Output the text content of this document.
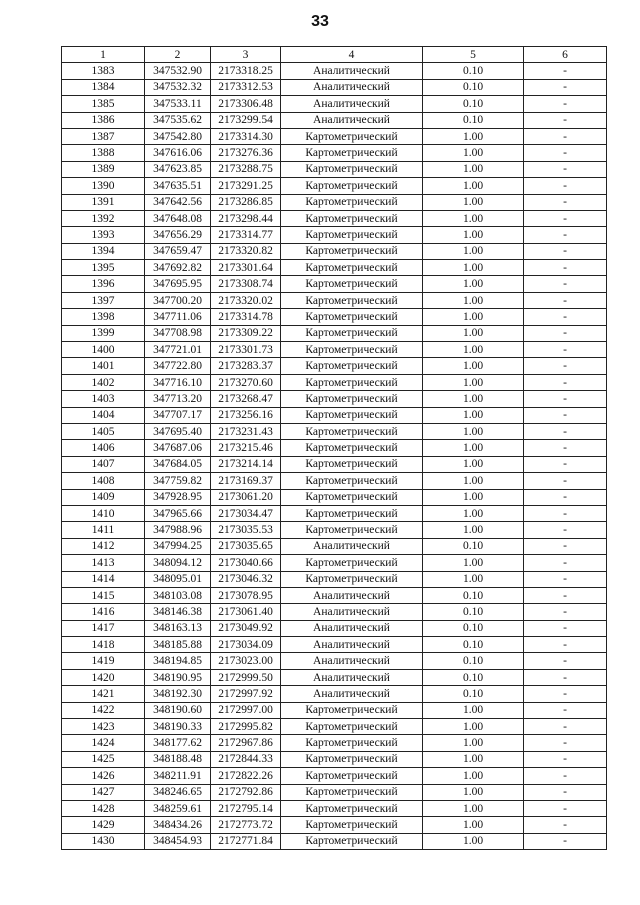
33
1	2	3	4	5	6
1383	347532.90	2173318.25	Аналитический	0.10	-
1384	347532.32	2173312.53	Аналитический	0.10	-
1385	347533.11	2173306.48	Аналитический	0.10	-
1386	347535.62	2173299.54	Аналитический	0.10	-
1387	347542.80	2173314.30	Картометрический	1.00	-
1388	347616.06	2173276.36	Картометрический	1.00	-
1389	347623.85	2173288.75	Картометрический	1.00	-
1390	347635.51	2173291.25	Картометрический	1.00	-
1391	347642.56	2173286.85	Картометрический	1.00	-
1392	347648.08	2173298.44	Картометрический	1.00	-
1393	347656.29	2173314.77	Картометрический	1.00	-
1394	347659.47	2173320.82	Картометрический	1.00	-
1395	347692.82	2173301.64	Картометрический	1.00	-
1396	347695.95	2173308.74	Картометрический	1.00	-
1397	347700.20	2173320.02	Картометрический	1.00	-
1398	347711.06	2173314.78	Картометрический	1.00	-
1399	347708.98	2173309.22	Картометрический	1.00	-
1400	347721.01	2173301.73	Картометрический	1.00	-
1401	347722.80	2173283.37	Картометрический	1.00	-
1402	347716.10	2173270.60	Картометрический	1.00	-
1403	347713.20	2173268.47	Картометрический	1.00	-
1404	347707.17	2173256.16	Картометрический	1.00	-
1405	347695.40	2173231.43	Картометрический	1.00	-
1406	347687.06	2173215.46	Картометрический	1.00	-
1407	347684.05	2173214.14	Картометрический	1.00	-
1408	347759.82	2173169.37	Картометрический	1.00	-
1409	347928.95	2173061.20	Картометрический	1.00	-
1410	347965.66	2173034.47	Картометрический	1.00	-
1411	347988.96	2173035.53	Картометрический	1.00	-
1412	347994.25	2173035.65	Аналитический	0.10	-
1413	348094.12	2173040.66	Картометрический	1.00	-
1414	348095.01	2173046.32	Картометрический	1.00	-
1415	348103.08	2173078.95	Аналитический	0.10	-
1416	348146.38	2173061.40	Аналитический	0.10	-
1417	348163.13	2173049.92	Аналитический	0.10	-
1418	348185.88	2173034.09	Аналитический	0.10	-
1419	348194.85	2173023.00	Аналитический	0.10	-
1420	348190.95	2172999.50	Аналитический	0.10	-
1421	348192.30	2172997.92	Аналитический	0.10	-
1422	348190.60	2172997.00	Картометрический	1.00	-
1423	348190.33	2172995.82	Картометрический	1.00	-
1424	348177.62	2172967.86	Картометрический	1.00	-
1425	348188.48	2172844.33	Картометрический	1.00	-
1426	348211.91	2172822.26	Картометрический	1.00	-
1427	348246.65	2172792.86	Картометрический	1.00	-
1428	348259.61	2172795.14	Картометрический	1.00	-
1429	348434.26	2172773.72	Картометрический	1.00	-
1430	348454.93	2172771.84	Картометрический	1.00	-
